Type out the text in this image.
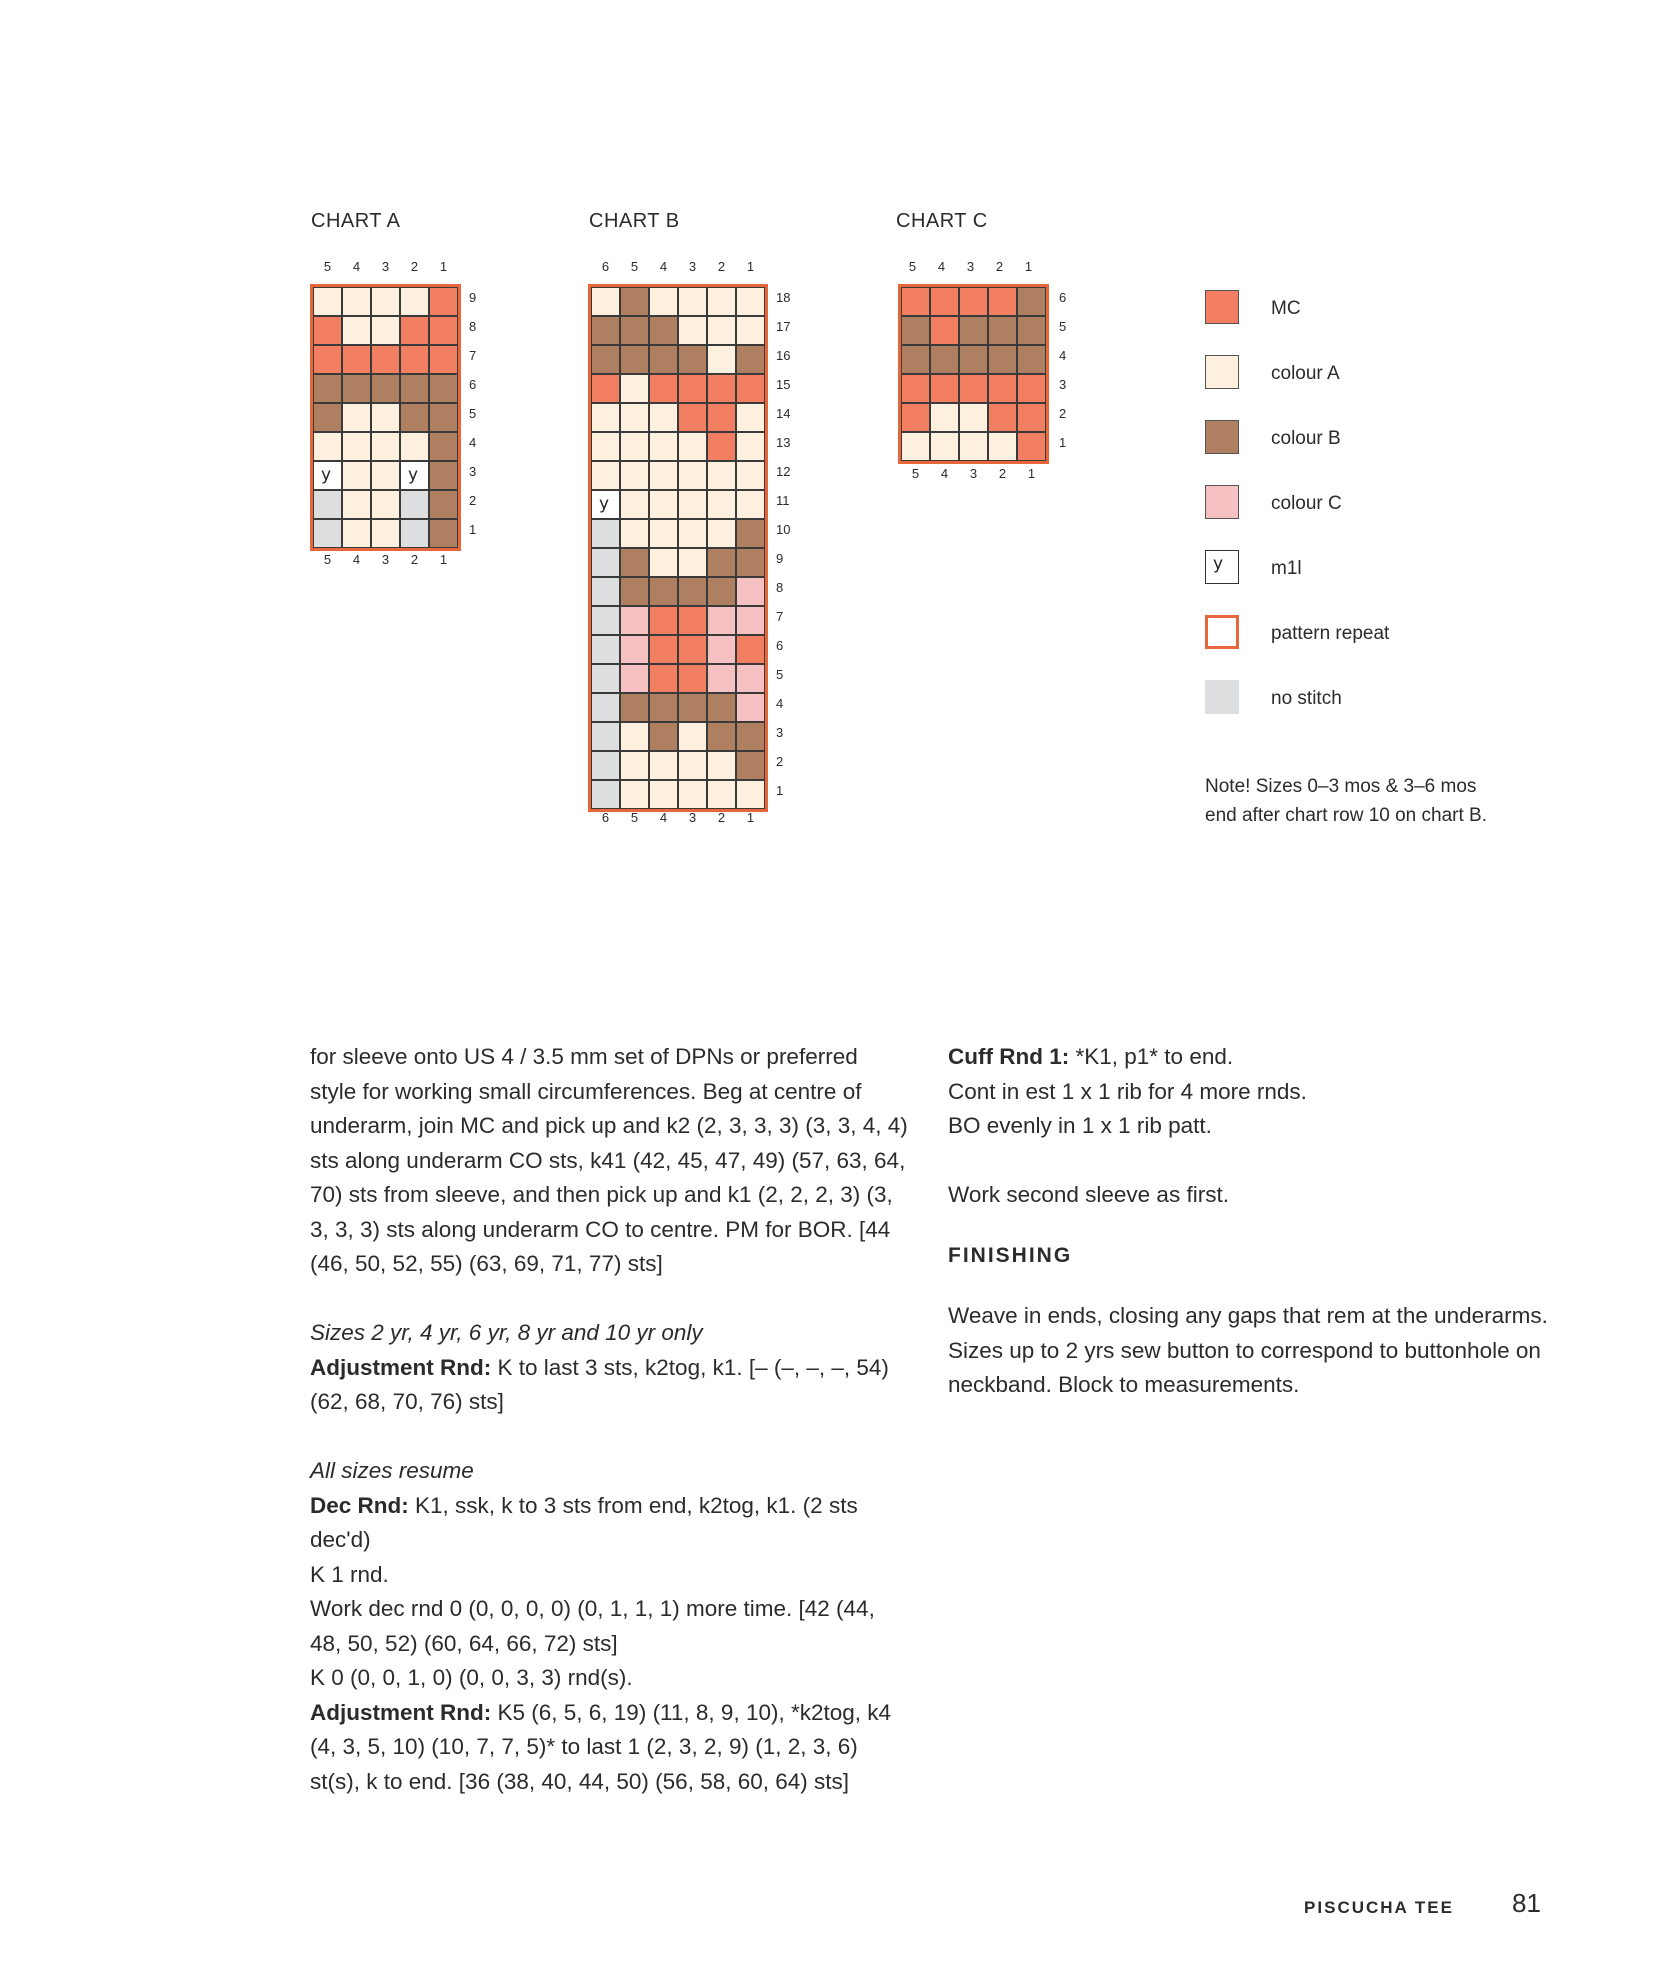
CHART A
5	4	3	2	1
у
у
9
8
7
6
5
4
3
2
1
5	4	3	2	1
CHART B
6	5	4	3	2	1
у
18
17
16
15
14
13
12
11
10
9
8
7
6
5
4
3
2
1
6	5	4	3	2	1
CHART C
5	4	3	2	1
6
5
4
3
2
1
5	4	3	2	1
MC
colour A
colour B
colour C
у
m1l
pattern repeat
no stitch
Note! Sizes 0–3 mos & 3–6 mos
end after chart row 10 on chart B.

for sleeve onto US 4 / 3.5 mm set of DPNs or preferred style for working small circumferences. Beg at centre of underarm, join MC and pick up and k2 (2, 3, 3, 3) (3, 3, 4, 4) sts along underarm CO sts, k41 (42, 45, 47, 49) (57, 63, 64, 70) sts from sleeve, and then pick up and k1 (2, 2, 2, 3) (3, 3, 3, 3) sts along underarm CO to centre. PM for BOR. [44 (46, 50, 52, 55) (63, 69, 71, 77) sts]

Sizes 2 yr, 4 yr, 6 yr, 8 yr and 10 yr only

Adjustment Rnd: K to last 3 sts, k2tog, k1. [– (–, –, –, 54) (62, 68, 70, 76) sts]

All sizes resume

Dec Rnd: K1, ssk, k to 3 sts from end, k2tog, k1. (2 sts dec'd)

K 1 rnd.

Work dec rnd 0 (0, 0, 0, 0) (0, 1, 1, 1) more time. [42 (44, 48, 50, 52) (60, 64, 66, 72) sts]

K 0 (0, 0, 1, 0) (0, 0, 3, 3) rnd(s).

Adjustment Rnd: K5 (6, 5, 6, 19) (11, 8, 9, 10), *k2tog, k4 (4, 3, 5, 10) (10, 7, 7, 5)* to last 1 (2, 3, 2, 9) (1, 2, 3, 6) st(s), k to end. [36 (38, 40, 44, 50) (56, 58, 60, 64) sts]

Cuff Rnd 1: *K1, p1* to end.

Cont in est 1 x 1 rib for 4 more rnds.

BO evenly in 1 x 1 rib patt.

Work second sleeve as first.

FINISHING

Weave in ends, closing any gaps that rem at the underarms. Sizes up to 2 yrs sew button to correspond to buttonhole on neckband. Block to measurements.

PISCUCHA TEE 81
